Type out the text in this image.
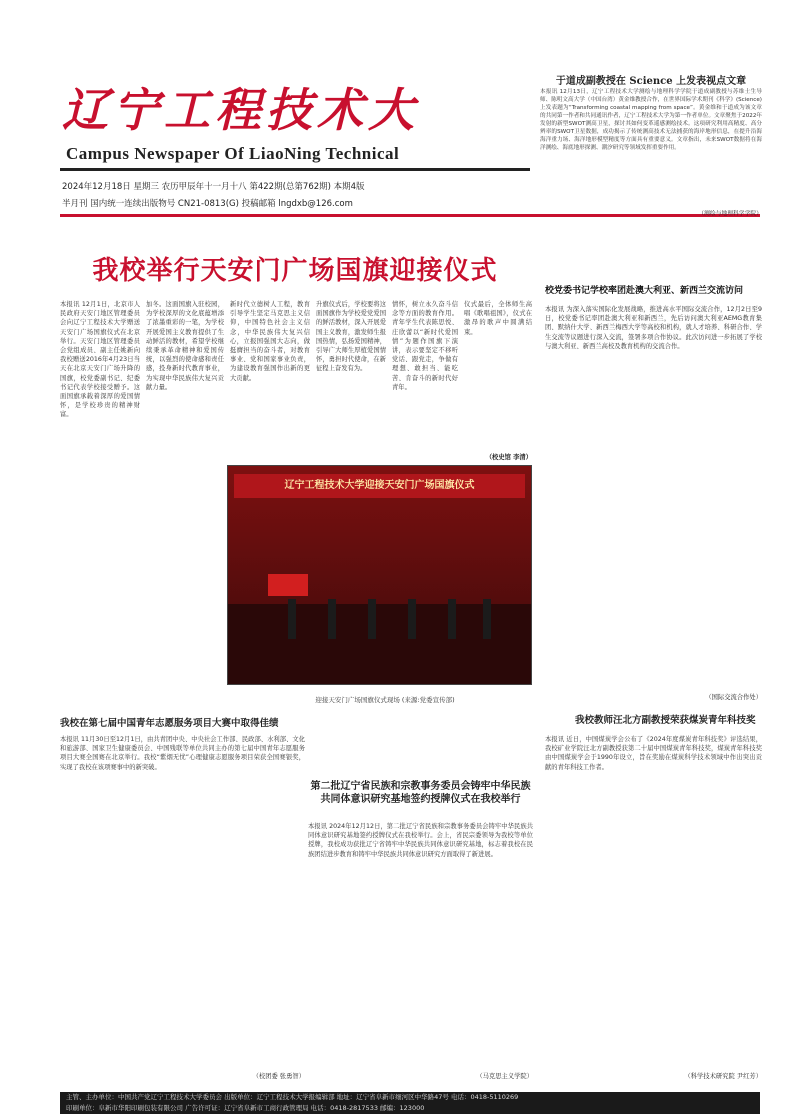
辽宁工程技术大
Campus Newspaper Of LiaoNing Technical
2024年12月18日 星期三 农历甲辰年十一月十八 第422期(总第762期) 本期4版
半月刊 国内统一连续出版物号 CN21-0813(G) 投稿邮箱 lngdxb@126.com
于道成副教授在 Science 上发表视点文章
本报讯 12月13日，辽宁工程技术大学测绘与地理科学学院于道成副教授与苏维士生导师、陈明文高大学（中国台湾）黄金维教授合作，在世界国际学术期刊《科学》(Science) 上发表题为“Transforming coastal mapping from space”。黄金维和于道成为该文章的共同第一作者和共同通讯作者，辽宁工程技术大学为第一作者单位。文章聚焦于2022年发射的新型SWOT测高卫星，探讨其如何变革遥感测绘技术。这项研究利用高精度、高分辨率的SWOT卫星数据，成功揭示了传统测高技术无法捕获的海岸地形信息，在提升沿海海洋重力场、海洋地形模型精度等方面具有重要意义。文章指出，未来SWOT数据将在海洋测绘、海底地形探测、潮汐研究等领域发挥重要作用。
（测绘与地理科学学院）
我校举行天安门广场国旗迎接仪式
本报讯 12月1日，北京市人民政府天安门地区管理委员会向辽宁工程技术大学赠送天安门广场国旗仪式在北京举行。天安门地区管理委员会党组成员、副主任姚新向我校赠送2016年4月23日当天在北京天安门广场升降的国旗，校党委副书记、纪委书记代表学校接受赠予。这面国旗承载着深厚的爱国情怀，是学校珍贵的精神财富。
加冬。这面国旗入驻校园，为学校深厚的文化底蕴增添了浓墨重彩的一笔，为学校开展爱国主义教育提供了生动鲜活的教材，希望学校继续秉承革命精神和爱国传统，以强烈的使命感和责任感，投身新时代教育事业，为实现中华民族伟大复兴贡献力量。
新时代立德树人工程，教育引导学生坚定马克思主义信仰，中国特色社会主义信念，中华民族伟大复兴信心，立报国强国大志向，做挺膺担当的奋斗者，对教育事业、党和国家事业负责，为建设教育强国作出新的更大贡献。
升旗仪式后，学校要将这面国旗作为学校爱党爱国的鲜活教材，深入开展爱国主义教育，激发师生报国热情，弘扬爱国精神，引导广大师生厚植爱国情怀，勇担时代使命，在新征程上奋发有为。
情怀，树立永久奋斗信念等方面的教育作用。青年学生代表陈思悦、庄欣蕾以“新时代爱国情”为题作国旗下演讲，表示要坚定不移听党话、跟党走，争做有理想、敢担当、能吃苦、肯奋斗的新时代好青年。
仪式最后，全体师生高唱《歌唱祖国》，仪式在激昂的歌声中圆满结束。
（校史馆 李清）
辽宁工程技术大学迎接天安门广场国旗仪式
迎接天安门广场国旗仪式现场 (来源:党委宣传部)
校党委书记学校率团赴澳大利亚、新西兰交流访问
本报讯 为深入落实国际化发展战略，推进高水平国际交流合作，12月2日至9日，校党委书记率团赴澳大利亚和新西兰，先后访问澳大利亚AEMG教育集团、默纳什大学、新西兰梅西大学等高校和机构，就人才培养、科研合作、学生交流等议题进行深入交流，签署多项合作协议。此次访问进一步拓展了学校与澳大利亚、新西兰高校及教育机构的交流合作。
（国际交流合作处）
我校教师汪北方副教授荣获煤炭青年科技奖
本报讯 近日，中国煤炭学会公布了《2024年度煤炭青年科技奖》评选结果，我校矿业学院汪北方副教授获第二十届中国煤炭青年科技奖，煤炭青年科技奖由中国煤炭学会于1990年设立，旨在奖励在煤炭科学技术领域中作出突出贡献的青年科技工作者。
（科学技术研究院 尹红芳）
我校在第七届中国青年志愿服务项目大赛中取得佳绩
本报讯 11月30日至12月1日，由共青团中央、中央社会工作部、民政部、水利部、文化和旅游部、国家卫生健康委员会、中国残联等单位共同主办的第七届中国青年志愿服务项目大赛全国赛在北京举行。我校“紫烟无忧”心理健康志愿服务项目荣获全国赛银奖，实现了我校在该项赛事中的新突破。
（校团委 张勇智）
第二批辽宁省民族和宗教事务委员会铸牢中华民族共同体意识研究基地签约授牌仪式在我校举行
本报讯 2024年12月12日，第二批辽宁省民族和宗教事务委员会铸牢中华民族共同体意识研究基地签约授牌仪式在我校举行。会上，省民宗委领导为我校等单位授牌，我校成功获批辽宁省铸牢中华民族共同体意识研究基地，标志着我校在民族团结进步教育和铸牢中华民族共同体意识研究方面取得了新进展。
（马克思主义学院）
主管、主办单位：中国共产党辽宁工程技术大学委员会 出版单位：辽宁工程技术大学报编辑部 地址：辽宁省阜新市细河区中华路47号 电话：0418-5110269
印刷单位：阜新市华阳印刷包装有限公司 广告许可证：辽宁省阜新市工商行政管理局 电话：0418-2817533 邮编：123000
